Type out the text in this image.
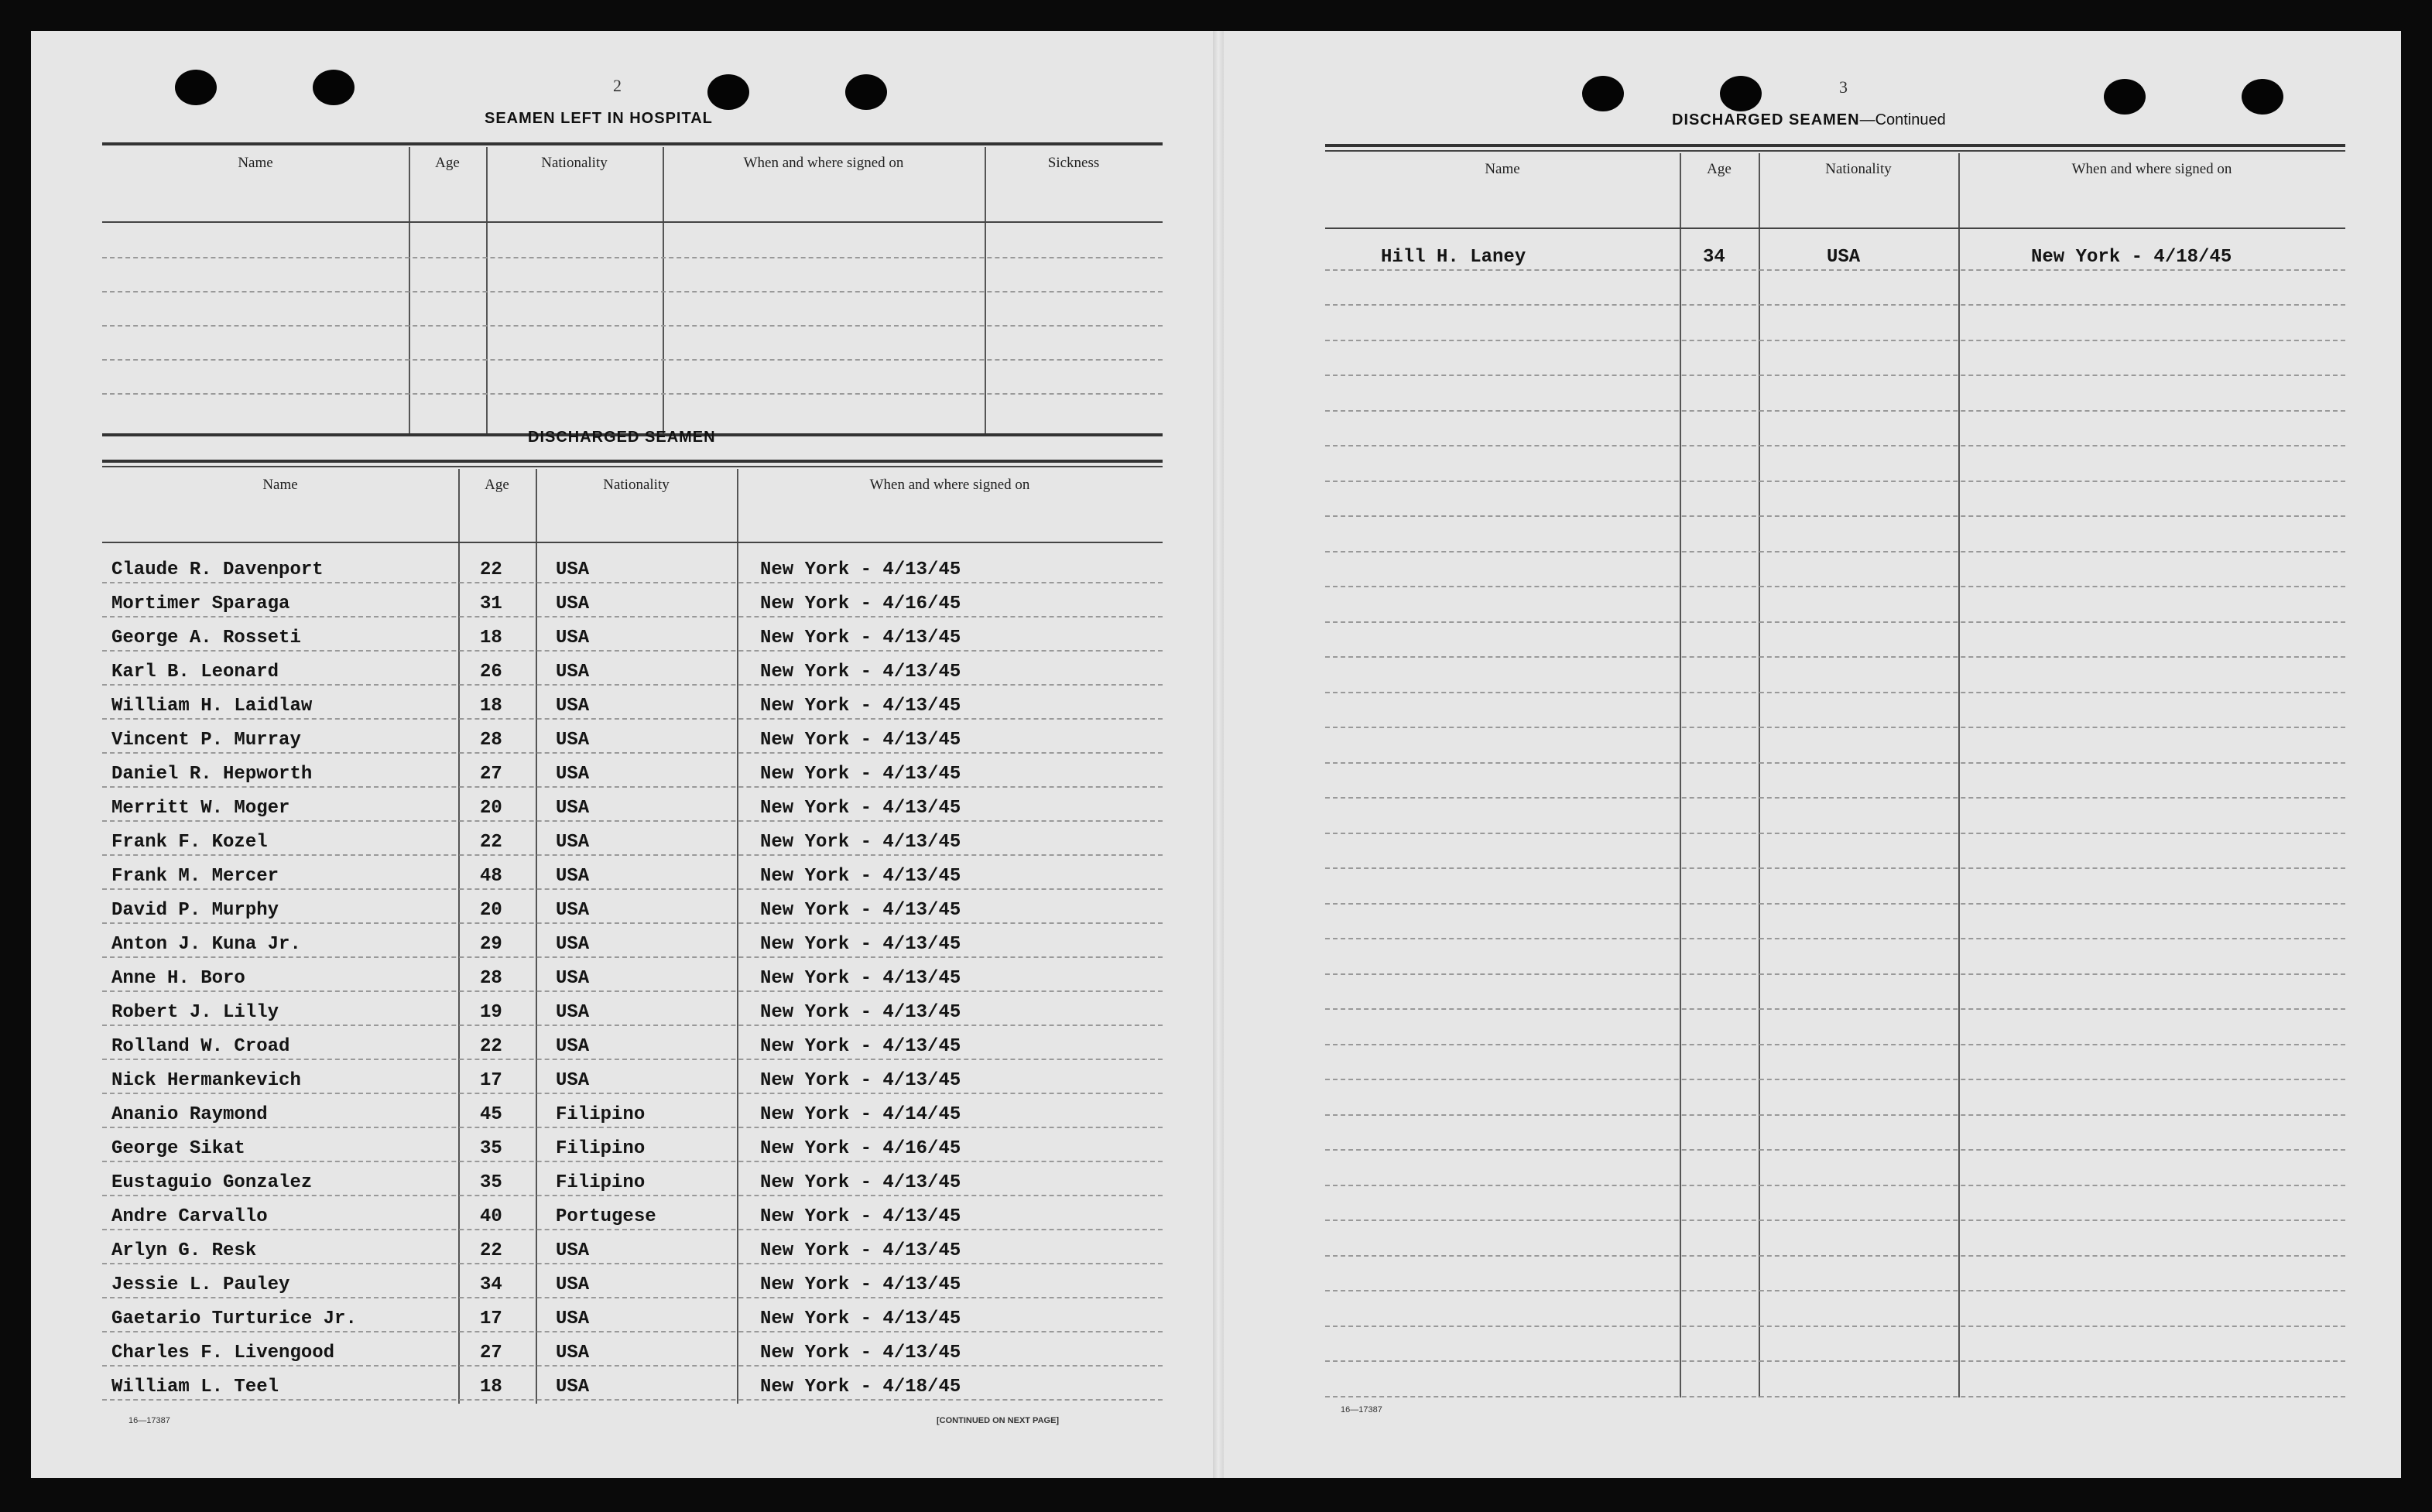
2
SEAMEN LEFT IN HOSPITAL
Name	Age	Nationality	When and where signed on	Sickness
DISCHARGED SEAMEN
Name	Age	Nationality	When and where signed on
Claude R. Davenport	22	USA	New York - 4/13/45
Mortimer Sparaga	31	USA	New York - 4/16/45
George A. Rosseti	18	USA	New York - 4/13/45
Karl B. Leonard	26	USA	New York - 4/13/45
William H. Laidlaw	18	USA	New York - 4/13/45
Vincent P. Murray	28	USA	New York - 4/13/45
Daniel R. Hepworth	27	USA	New York - 4/13/45
Merritt W. Moger	20	USA	New York - 4/13/45
Frank F. Kozel	22	USA	New York - 4/13/45
Frank M. Mercer	48	USA	New York - 4/13/45
David P. Murphy	20	USA	New York - 4/13/45
Anton J. Kuna Jr.	29	USA	New York - 4/13/45
Anne H. Boro	28	USA	New York - 4/13/45
Robert J. Lilly	19	USA	New York - 4/13/45
Rolland W. Croad	22	USA	New York - 4/13/45
Nick Hermankevich	17	USA	New York - 4/13/45
Ananio Raymond	45	Filipino	New York - 4/14/45
George Sikat	35	Filipino	New York - 4/16/45
Eustaguio Gonzalez	35	Filipino	New York - 4/13/45
Andre Carvallo	40	Portugese	New York - 4/13/45
Arlyn G. Resk	22	USA	New York - 4/13/45
Jessie L. Pauley	34	USA	New York - 4/13/45
Gaetario Turturice Jr.	17	USA	New York - 4/13/45
Charles F. Livengood	27	USA	New York - 4/13/45
William L. Teel	18	USA	New York - 4/18/45
16—17387	[CONTINUED ON NEXT PAGE]
3
DISCHARGED SEAMEN—Continued
Name	Age	Nationality	When and where signed on
Hill H. Laney	34	USA	New York - 4/18/45
16—17387
